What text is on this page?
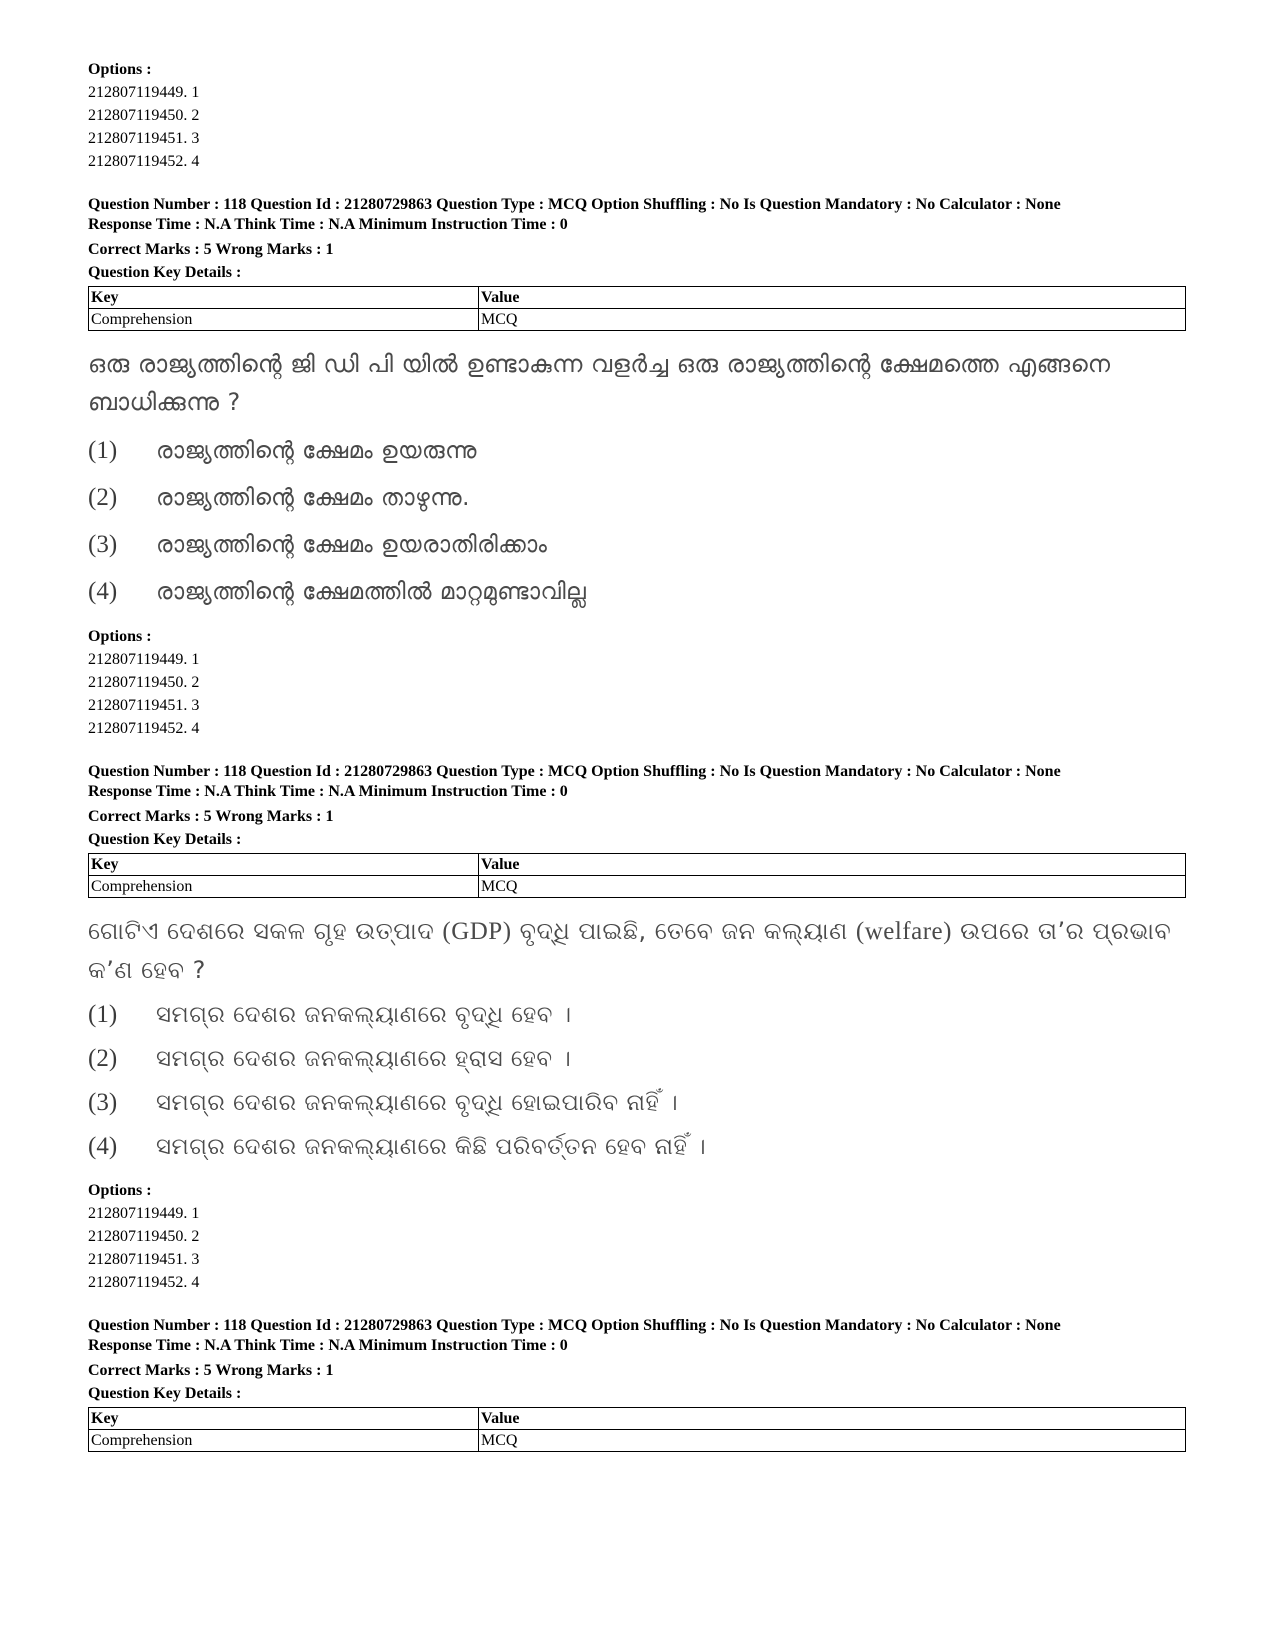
Options :
212807119449. 1
212807119450. 2
212807119451. 3
212807119452. 4
Question Number : 118 Question Id : 21280729863 Question Type : MCQ Option Shuffling : No Is Question Mandatory : No Calculator : None
Response Time : N.A Think Time : N.A Minimum Instruction Time : 0
Correct Marks : 5 Wrong Marks : 1
Question Key Details :
Key	Value
Comprehension	MCQ
ഒരു രാജ്യത്തിന്റെ ജി ഡി പി യിൽ ഉണ്ടാകുന്ന വളർച്ച ഒരു രാജ്യത്തിന്റെ ക്ഷേമത്തെ എങ്ങനെ ബാധിക്കുന്നു ?
(1)	രാജ്യത്തിന്റെ ക്ഷേമം ഉയരുന്നു
(2)	രാജ്യത്തിന്റെ ക്ഷേമം താഴുന്നു.
(3)	രാജ്യത്തിന്റെ ക്ഷേമം ഉയരാതിരിക്കാം
(4)	രാജ്യത്തിന്റെ ക്ഷേമത്തിൽ മാറ്റമുണ്ടാവില്ല
Options :
212807119449. 1
212807119450. 2
212807119451. 3
212807119452. 4
Question Number : 118 Question Id : 21280729863 Question Type : MCQ Option Shuffling : No Is Question Mandatory : No Calculator : None
Response Time : N.A Think Time : N.A Minimum Instruction Time : 0
Correct Marks : 5 Wrong Marks : 1
Question Key Details :
Key	Value
Comprehension	MCQ
ଗୋଟିଏ ଦେଶରେ ସକଳ ଗୃହ ଉତ୍ପାଦ (GDP) ବୃଦ୍ଧି ପାଇଛି, ତେବେ ଜନ କଲ୍ୟାଣ (welfare) ଉପରେ ତା’ର ପ୍ରଭାବ କ’ଣ ହେବ ?
(1)	ସମଗ୍ର ଦେଶର ଜନକଲ୍ୟାଣରେ ବୃଦ୍ଧି ହେବ ।
(2)	ସମଗ୍ର ଦେଶର ଜନକଲ୍ୟାଣରେ ହ୍ରାସ ହେବ ।
(3)	ସମଗ୍ର ଦେଶର ଜନକଲ୍ୟାଣରେ ବୃଦ୍ଧି ହୋଇପାରିବ ନାହିଁ ।
(4)	ସମଗ୍ର ଦେଶର ଜନକଲ୍ୟାଣରେ କିଛି ପରିବର୍ତ୍ତନ ହେବ ନାହିଁ ।
Options :
212807119449. 1
212807119450. 2
212807119451. 3
212807119452. 4
Question Number : 118 Question Id : 21280729863 Question Type : MCQ Option Shuffling : No Is Question Mandatory : No Calculator : None
Response Time : N.A Think Time : N.A Minimum Instruction Time : 0
Correct Marks : 5 Wrong Marks : 1
Question Key Details :
Key	Value
Comprehension	MCQ
